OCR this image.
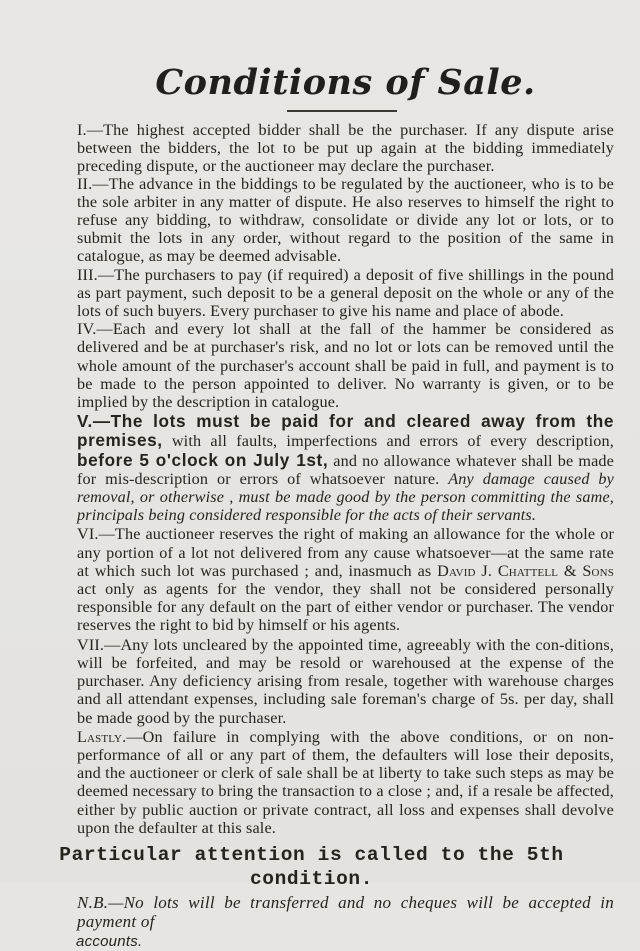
Conditions of Sale.

I.—The highest accepted bidder shall be the purchaser. If any dispute arise between the bidders, the lot to be put up again at the bidding immediately preceding dispute, or the auctioneer may declare the purchaser.

II.—The advance in the biddings to be regulated by the auctioneer, who is to be the sole arbiter in any matter of dispute. He also reserves to himself the right to refuse any bidding, to withdraw, consolidate or divide any lot or lots, or to submit the lots in any order, without regard to the position of the same in catalogue, as may be deemed advisable.

III.—The purchasers to pay (if required) a deposit of five shillings in the pound as part payment, such deposit to be a general deposit on the whole or any of the lots of such buyers. Every purchaser to give his name and place of abode.

IV.—Each and every lot shall at the fall of the hammer be considered as delivered and be at purchaser's risk, and no lot or lots can be removed until the whole amount of the purchaser's account shall be paid in full, and payment is to be made to the person appointed to deliver. No warranty is given, or to be implied by the description in catalogue.

V.—The lots must be paid for and cleared away from the premises, with all faults, imperfections and errors of every description, before 5 o'clock on July 1st, and no allowance whatever shall be made for mis-description or errors of whatsoever nature. Any damage caused by removal, or otherwise , must be made good by the person committing the same, principals being considered responsible for the acts of their servants.

VI.—The auctioneer reserves the right of making an allowance for the whole or any portion of a lot not delivered from any cause whatsoever—at the same rate at which such lot was purchased ; and, inasmuch as David J. Chattell & Sons act only as agents for the vendor, they shall not be considered personally responsible for any default on the part of either vendor or purchaser. The vendor reserves the right to bid by himself or his agents.

VII.—Any lots uncleared by the appointed time, agreeably with the con-ditions, will be forfeited, and may be resold or warehoused at the expense of the purchaser. Any deficiency arising from resale, together with warehouse charges and all attendant expenses, including sale foreman's charge of 5s. per day, shall be made good by the purchaser.

Lastly.—On failure in complying with the above conditions, or on non-performance of all or any part of them, the defaulters will lose their deposits, and the auctioneer or clerk of sale shall be at liberty to take such steps as may be deemed necessary to bring the transaction to a close ; and, if a resale be affected, either by public auction or private contract, all loss and expenses shall devolve upon the defaulter at this sale.

Particular attention is called to the 5th condition.

N.B.—No lots will be transferred and no cheques will be accepted in payment of
accounts.
